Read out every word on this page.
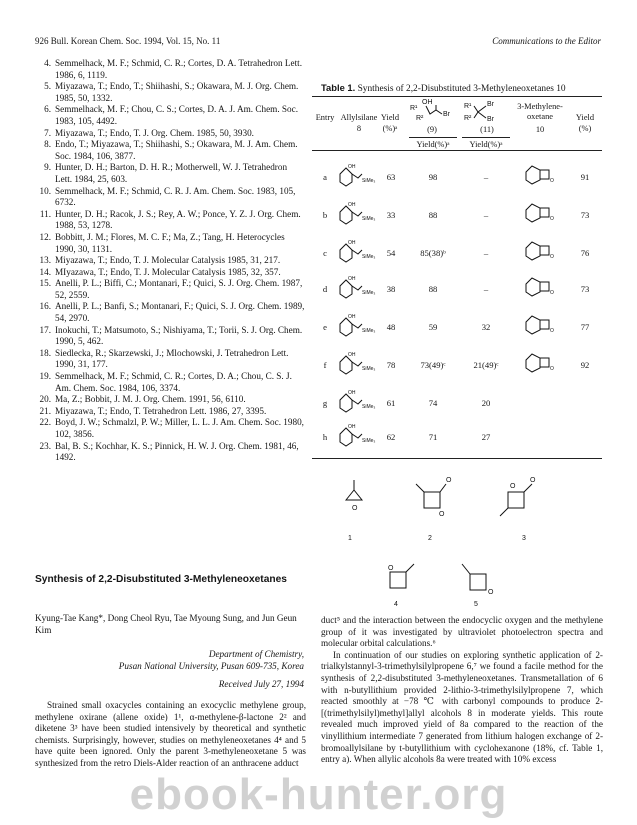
926 Bull. Korean Chem. Soc. 1994, Vol. 15, No. 11	Communications to the Editor
4. Semmelhack, M. F.; Schmid, C. R.; Cortes, D. A. Tetrahedron Lett. 1986, 6, 1119.
5. Miyazawa, T.; Endo, T.; Shiihashi, S.; Okawara, M. J. Org. Chem. 1985, 50, 1332.
6. Semmelhack, M. F.; Chou, C. S.; Cortes, D. A. J. Am. Chem. Soc. 1983, 105, 4492.
7. Miyazawa, T.; Endo, T. J. Org. Chem. 1985, 50, 3930.
8. Endo, T.; Miyazawa, T.; Shiihashi, S.; Okawara, M. J. Am. Chem. Soc. 1984, 106, 3877.
9. Hunter, D. H.; Barton, D. H. R.; Motherwell, W. J. Tetrahedron Lett. 1984, 25, 603.
10. Semmelhack, M. F.; Schmid, C. R. J. Am. Chem. Soc. 1983, 105, 6732.
11. Hunter, D. H.; Racok, J. S.; Rey, A. W.; Ponce, Y. Z. J. Org. Chem. 1988, 53, 1278.
12. Bobbitt, J. M.; Flores, M. C. F.; Ma, Z.; Tang, H. Heterocycles 1990, 30, 1131.
13. Miyazawa, T.; Endo, T. J. Molecular Catalysis 1985, 31, 217.
14. MIyazawa, T.; Endo, T. J. Molecular Catalysis 1985, 32, 357.
15. Anelli, P. L.; Biffi, C.; Montanari, F.; Quici, S. J. Org. Chem. 1987, 52, 2559.
16. Anelli, P. L.; Banfi, S.; Montanari, F.; Quici, S. J. Org. Chem. 1989, 54, 2970.
17. Inokuchi, T.; Matsumoto, S.; Nishiyama, T.; Torii, S. J. Org. Chem. 1990, 5, 462.
18. Siedlecka, R.; Skarzewski, J.; Mlochowski, J. Tetrahedron Lett. 1990, 31, 177.
19. Semmelhack, M. F.; Schmid, C. R.; Cortes, D. A.; Chou, C. S. J. Am. Chem. Soc. 1984, 106, 3374.
20. Ma, Z.; Bobbit, J. M. J. Org. Chem. 1991, 56, 6110.
21. Miyazawa, T.; Endo, T. Tetrahedron Lett. 1986, 27, 3395.
22. Boyd, J. W.; Schmalzl, P. W.; Miller, L. L. J. Am. Chem. Soc. 1980, 102, 3856.
23. Bal, B. S.; Kochhar, K. S.; Pinnick, H. W. J. Org. Chem. 1981, 46, 1492.
Table 1. Synthesis of 2,2-Disubstituted 3-Methyleneoxetanes 10
Entry Allylsilane
8
Yield
(%)ᵃ	(9)	(11)
Yield(%)ᵃ	Yield(%)ᵃ
3-Methylene-oxetane
10
Yield
(%)
OH
R¹
R²
Br
R¹
R²
Br
Br
a	63	98	–	91
OH
SiMe₃	O
b	33	88	–	73
OH
SiMe₃	O
c	54	85(38)ᵇ	–	76
OH
SiMe₃	O
d	38	88	–	73
OH
SiMe₃	O
e	48	59	32	77
OH
SiMe₃	O
f	78	73(49)ᶜ	21(49)ᶜ	92
OH
SiMe₃	O
g	61	74	20
OH
SiMe₃
h	62	71	27
OH
SiMe₃
O
1
O
O
2
O
O
3
O
4
O
5
Synthesis of 2,2-Disubstituted 3-Methyleneoxetanes
Kyung-Tae Kang*, Dong Cheol Ryu, Tae Myoung Sung, and Jun Geun Kim
Department of Chemistry,
Pusan National University, Pusan 609-735, Korea
Received July 27, 1994
Strained small oxacycles containing an exocyclic methylene group, methylene oxirane (allene oxide) 1¹, α-methylene-β-lactone 2² and diketene 3³ have been studied intensively by theoretical and synthetic chemists. Surprisingly, however, studies on methyleneoxetanes 4⁴ and 5 have quite been ignored. Only the parent 3-methyleneoxetane 5 was synthesized from the retro Diels-Alder reaction of an anthracene adduct
duct⁵ and the interaction between the endocyclic oxygen and the methylene group of it was investigated by ultraviolet photoelectron spectra and molecular orbital calculations.⁶
In continuation of our studies on exploring synthetic application of 2-trialkylstannyl-3-trimethylsilylpropene 6,⁷ we found a facile method for the synthesis of 2,2-disubstituted 3-methyleneoxetanes. Transmetallation of 6 with n-butyllithium provided 2-lithio-3-trimethylsilylpropene 7, which reacted smoothly at −78 ℃ with carbonyl compounds to produce 2-[(trimethylsilyl)methyl]allyl alcohols 8 in moderate yields. This route revealed much improved yield of 8a compared to the reaction of the vinyllithium intermediate 7 generated from lithium halogen exchange of 2-bromoallylsilane by t-butyllithium with cyclohexanone (18%, cf. Table 1, entry a). When allylic alcohols 8a were treated with 10% excess
ebook-hunter.org
